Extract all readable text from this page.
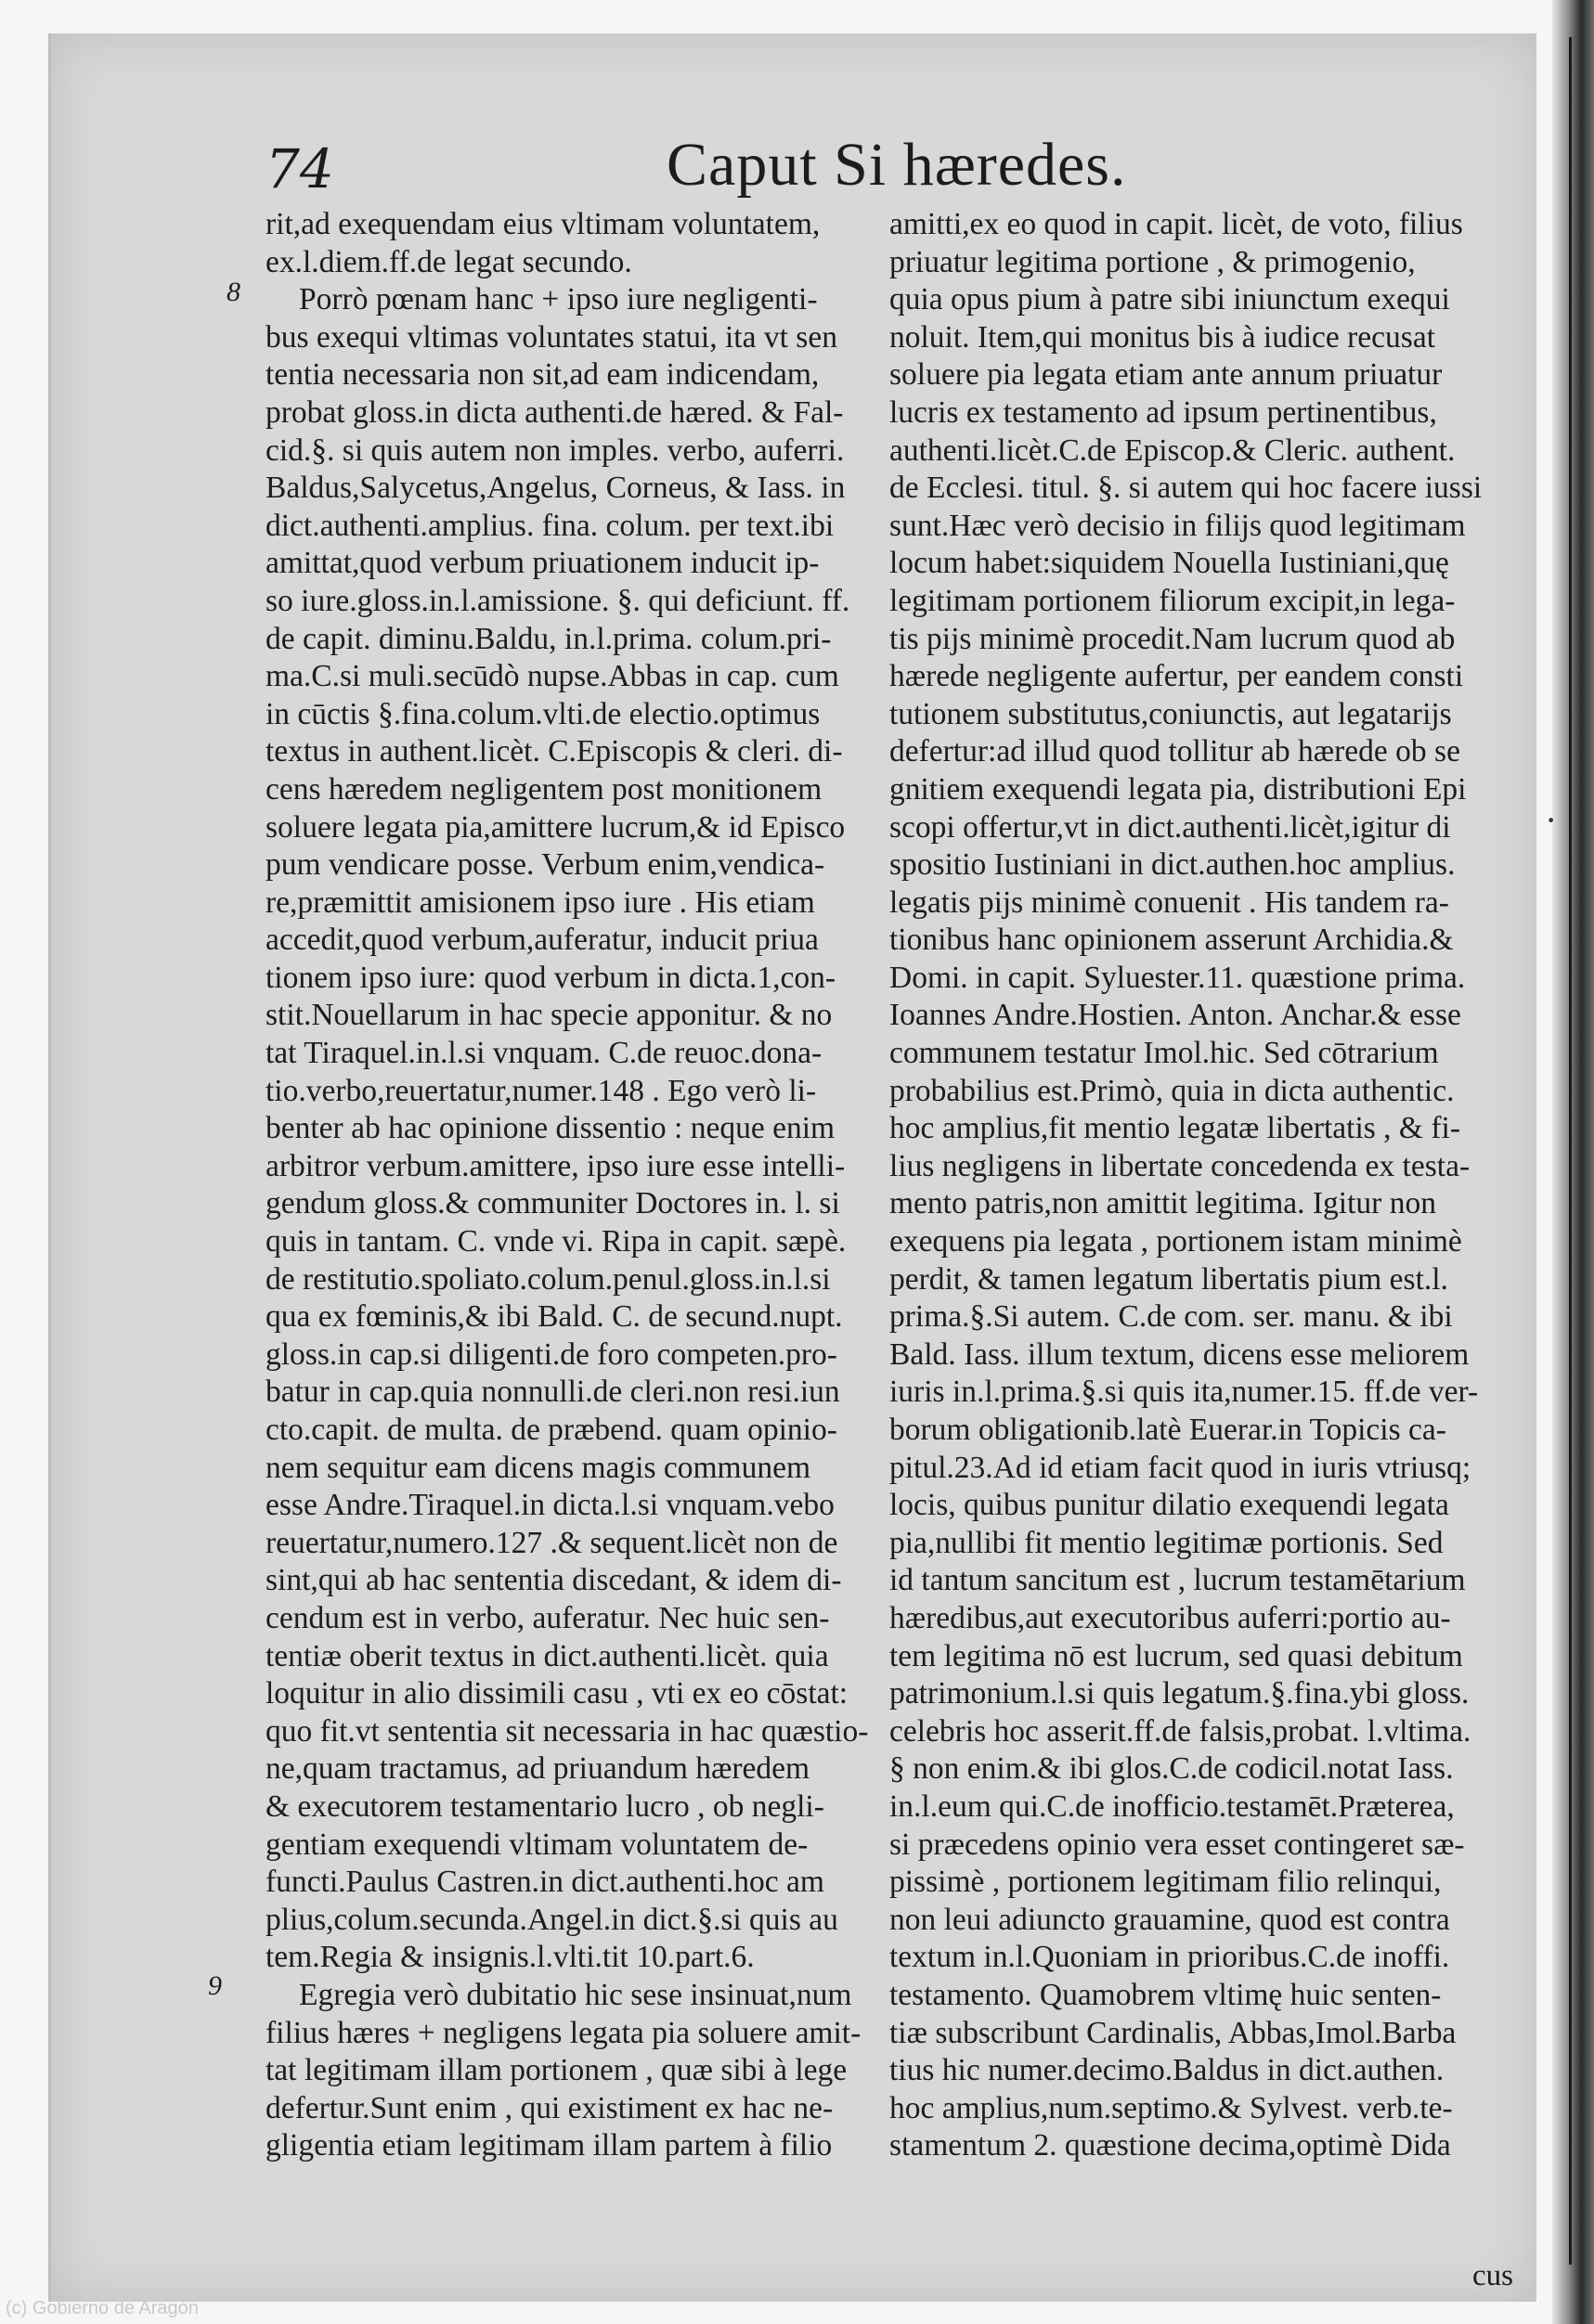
74	Caput Si hæredes.
8
9
rit,ad exequendam eius vltimam voluntatem,
ex.l.diem.ff.de legat secundo.
Porrò pœnam hanc + ipso iure negligenti-
bus exequi vltimas voluntates statui, ita vt sen
tentia necessaria non sit,ad eam indicendam,
probat gloss.in dicta authenti.de hæred. & Fal-
cid.§. si quis autem non imples. verbo, auferri.
Baldus,Salycetus,Angelus, Corneus, & Iass. in
dict.authenti.amplius. fina. colum. per text.ibi
amittat,quod verbum priuationem inducit ip-
so iure.gloss.in.l.amissione. §. qui deficiunt. ff.
de capit. diminu.Baldu, in.l.prima. colum.pri-
ma.C.si muli.secūdò nupse.Abbas in cap. cum
in cūctis §.fina.colum.vlti.de electio.optimus
textus in authent.licèt. C.Episcopis & cleri. di-
cens hæredem negligentem post monitionem
soluere legata pia,amittere lucrum,& id Episco
pum vendicare posse. Verbum enim,vendica-
re,præmittit amisionem ipso iure . His etiam
accedit,quod verbum,auferatur, inducit priua
tionem ipso iure: quod verbum in dicta.1,con-
stit.Nouellarum in hac specie apponitur. & no
tat Tiraquel.in.l.si vnquam. C.de reuoc.dona-
tio.verbo,reuertatur,numer.148 . Ego verò li-
benter ab hac opinione dissentio : neque enim
arbitror verbum.amittere, ipso iure esse intelli-
gendum gloss.& communiter Doctores in. l. si
quis in tantam. C. vnde vi. Ripa in capit. sæpè.
de restitutio.spoliato.colum.penul.gloss.in.l.si
qua ex fœminis,& ibi Bald. C. de secund.nupt.
gloss.in cap.si diligenti.de foro competen.pro-
batur in cap.quia nonnulli.de cleri.non resi.iun
cto.capit. de multa. de præbend. quam opinio-
nem sequitur eam dicens magis communem
esse Andre.Tiraquel.in dicta.l.si vnquam.vebo
reuertatur,numero.127 .& sequent.licèt non de
sint,qui ab hac sententia discedant, & idem di-
cendum est in verbo, auferatur. Nec huic sen-
tentiæ oberit textus in dict.authenti.licèt. quia
loquitur in alio dissimili casu , vti ex eo cōstat:
quo fit.vt sententia sit necessaria in hac quæstio-
ne,quam tractamus, ad priuandum hæredem
& executorem testamentario lucro , ob negli-
gentiam exequendi vltimam voluntatem de-
functi.Paulus Castren.in dict.authenti.hoc am
plius,colum.secunda.Angel.in dict.§.si quis au
tem.Regia & insignis.l.vlti.tit 10.part.6.
Egregia verò dubitatio hic sese insinuat,num
filius hæres + negligens legata pia soluere amit-
tat legitimam illam portionem , quæ sibi à lege
defertur.Sunt enim , qui existiment ex hac ne-
gligentia etiam legitimam illam partem à filio
amitti,ex eo quod in capit. licèt, de voto, filius
priuatur legitima portione , & primogenio,
quia opus pium à patre sibi iniunctum exequi
noluit. Item,qui monitus bis à iudice recusat
soluere pia legata etiam ante annum priuatur
lucris ex testamento ad ipsum pertinentibus,
authenti.licèt.C.de Episcop.& Cleric. authent.
de Ecclesi. titul. §. si autem qui hoc facere iussi
sunt.Hæc verò decisio in filijs quod legitimam
locum habet:siquidem Nouella Iustiniani,quę
legitimam portionem filiorum excipit,in lega-
tis pijs minimè procedit.Nam lucrum quod ab
hærede negligente aufertur, per eandem consti
tutionem substitutus,coniunctis, aut legatarijs
defertur:ad illud quod tollitur ab hærede ob se
gnitiem exequendi legata pia, distributioni Epi
scopi offertur,vt in dict.authenti.licèt,igitur di
spositio Iustiniani in dict.authen.hoc amplius.
legatis pijs minimè conuenit . His tandem ra-
tionibus hanc opinionem asserunt Archidia.&
Domi. in capit. Syluester.11. quæstione prima.
Ioannes Andre.Hostien. Anton. Anchar.& esse
communem testatur Imol.hic. Sed cōtrarium
probabilius est.Primò, quia in dicta authentic.
hoc amplius,fit mentio legatæ libertatis , & fi-
lius negligens in libertate concedenda ex testa-
mento patris,non amittit legitima. Igitur non
exequens pia legata , portionem istam minimè
perdit, & tamen legatum libertatis pium est.l.
prima.§.Si autem. C.de com. ser. manu. & ibi
Bald. Iass. illum textum, dicens esse meliorem
iuris in.l.prima.§.si quis ita,numer.15. ff.de ver-
borum obligationib.latè Euerar.in Topicis ca-
pitul.23.Ad id etiam facit quod in iuris vtriusq;
locis, quibus punitur dilatio exequendi legata
pia,nullibi fit mentio legitimæ portionis. Sed
id tantum sancitum est , lucrum testamētarium
hæredibus,aut executoribus auferri:portio au-
tem legitima nō est lucrum, sed quasi debitum
patrimonium.l.si quis legatum.§.fina.ybi gloss.
celebris hoc asserit.ff.de falsis,probat. l.vltima.
§ non enim.& ibi glos.C.de codicil.notat Iass.
in.l.eum qui.C.de inofficio.testamēt.Præterea,
si præcedens opinio vera esset contingeret sæ-
pissimè , portionem legitimam filio relinqui,
non leui adiuncto grauamine, quod est contra
textum in.l.Quoniam in prioribus.C.de inoffi.
testamento. Quamobrem vltimę huic senten-
tiæ subscribunt Cardinalis, Abbas,Imol.Barba
tius hic numer.decimo.Baldus in dict.authen.
hoc amplius,num.septimo.& Sylvest. verb.te-
stamentum 2. quæstione decima,optimè Dida
·
cus
(c) Gobierno de Aragón
